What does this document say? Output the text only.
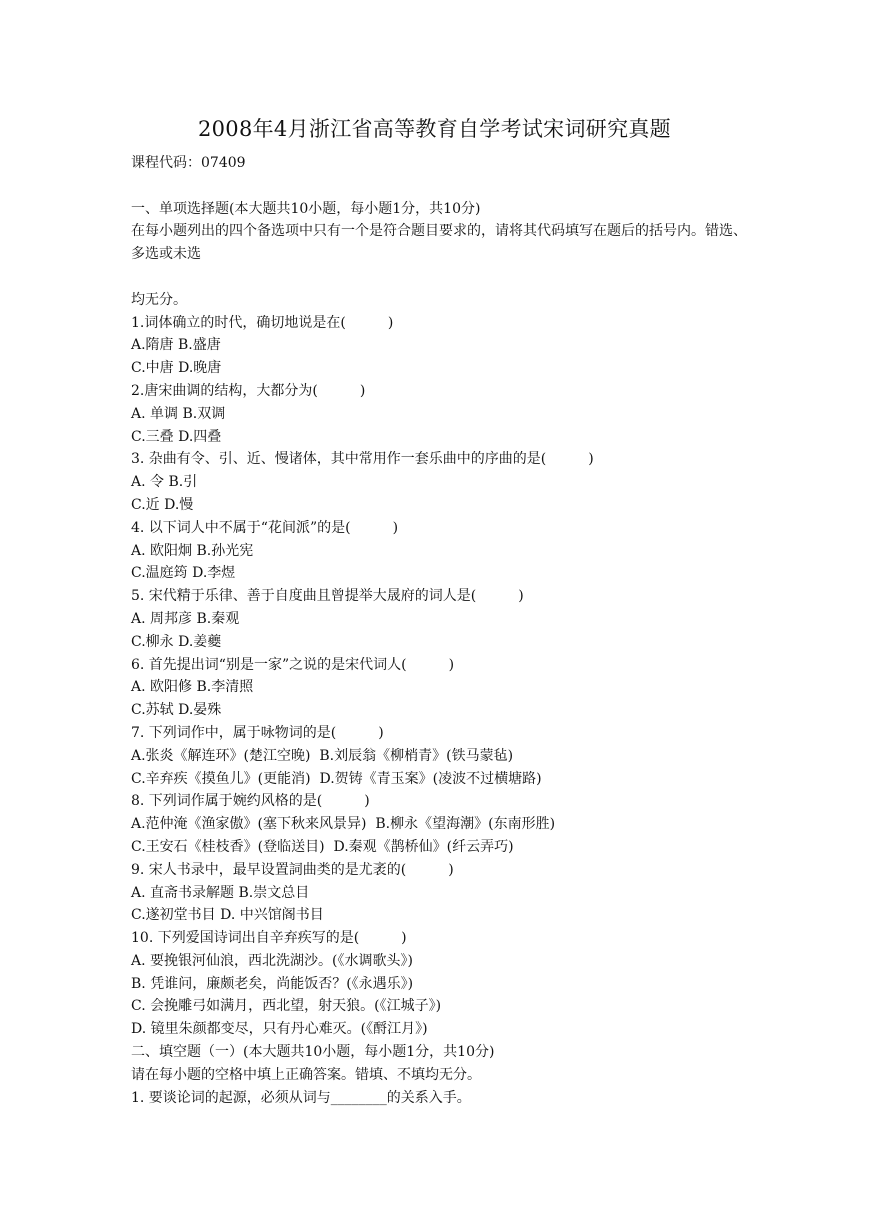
2008年4月浙江省高等教育自学考试宋词研究真题
课程代码：07409
一、单项选择题(本大题共10小题，每小题1分，共10分)
在每小题列出的四个备选项中只有一个是符合题目要求的，请将其代码填写在题后的括号内。错选、多选或未选
均无分。
1.词体确立的时代，确切地说是在(　　　)
A.隋唐 B.盛唐
C.中唐 D.晚唐
2.唐宋曲调的结构，大都分为(　　　)
A. 单调 B.双调
C.三叠 D.四叠
3. 杂曲有令、引、近、慢诸体，其中常用作一套乐曲中的序曲的是(　　　)
A. 令 B.引
C.近 D.慢
4. 以下词人中不属于“花间派”的是(　　　)
A. 欧阳炯 B.孙光宪
C.温庭筠 D.李煜
5. 宋代精于乐律、善于自度曲且曾提举大晟府的词人是(　　　)
A. 周邦彦 B.秦观
C.柳永 D.姜夔
6. 首先提出词“别是一家”之说的是宋代词人(　　　)
A. 欧阳修 B.李清照
C.苏轼 D.晏殊
7. 下列词作中，属于咏物词的是(　　　)
A.张炎《解连环》(楚江空晚)  B.刘辰翁《柳梢青》(铁马蒙毡)
C.辛弃疾《摸鱼儿》(更能消)  D.贺铸《青玉案》(凌波不过横塘路)
8. 下列词作属于婉约风格的是(　　　)
A.范仲淹《渔家傲》(塞下秋来风景异)  B.柳永《望海潮》(东南形胜)
C.王安石《桂枝香》(登临送目)  D.秦观《鹊桥仙》(纤云弄巧)
9. 宋人书录中，最早设置詞曲类的是尤袤的(　　　)
A. 直斋书录解题 B.崇文总目
C.遂初堂书目 D. 中兴馆阁书目
10. 下列爱国诗词出自辛弃疾写的是(　　　)
A. 要挽银河仙浪，西北洗湖沙。(《水调歌头》)
B. 凭谁问，廉颇老矣，尚能饭否？(《永遇乐》)
C. 会挽雕弓如满月，西北望，射天狼。(《江城子》)
D. 镜里朱颜都变尽，只有丹心难灭。(《酹江月》)
二、填空题（一）(本大题共10小题，每小题1分，共10分)
请在每小题的空格中填上正确答案。错填、不填均无分。
1. 要谈论词的起源，必须从词与________的关系入手。
